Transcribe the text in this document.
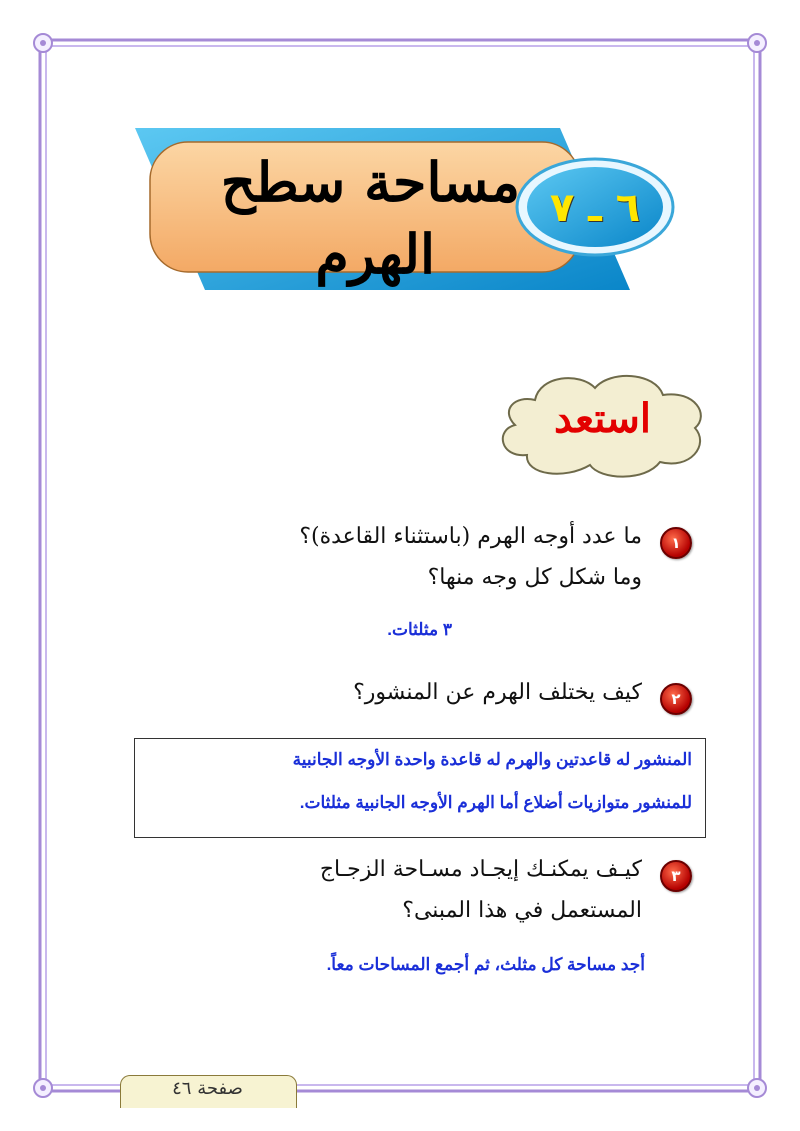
مساحة سطح
الهرم
٦ ـ ٧
استعد
١
ما عدد أوجه الهرم (باستثناء القاعدة)؟
وما شكل كل وجه منها؟
٣ مثلثات.
٢
كيف يختلف الهرم عن المنشور؟
المنشور له قاعدتين والهرم له قاعدة واحدة الأوجه الجانبية
للمنشور متوازيات أضلاع أما الهرم الأوجه الجانبية مثلثات.
٣
كيـف يمكنـك إيجـاد مسـاحة الزجـاج
المستعمل في هذا المبنى؟
أجد مساحة كل مثلث، ثم أجمع المساحات معاً.
صفحة ٤٦
